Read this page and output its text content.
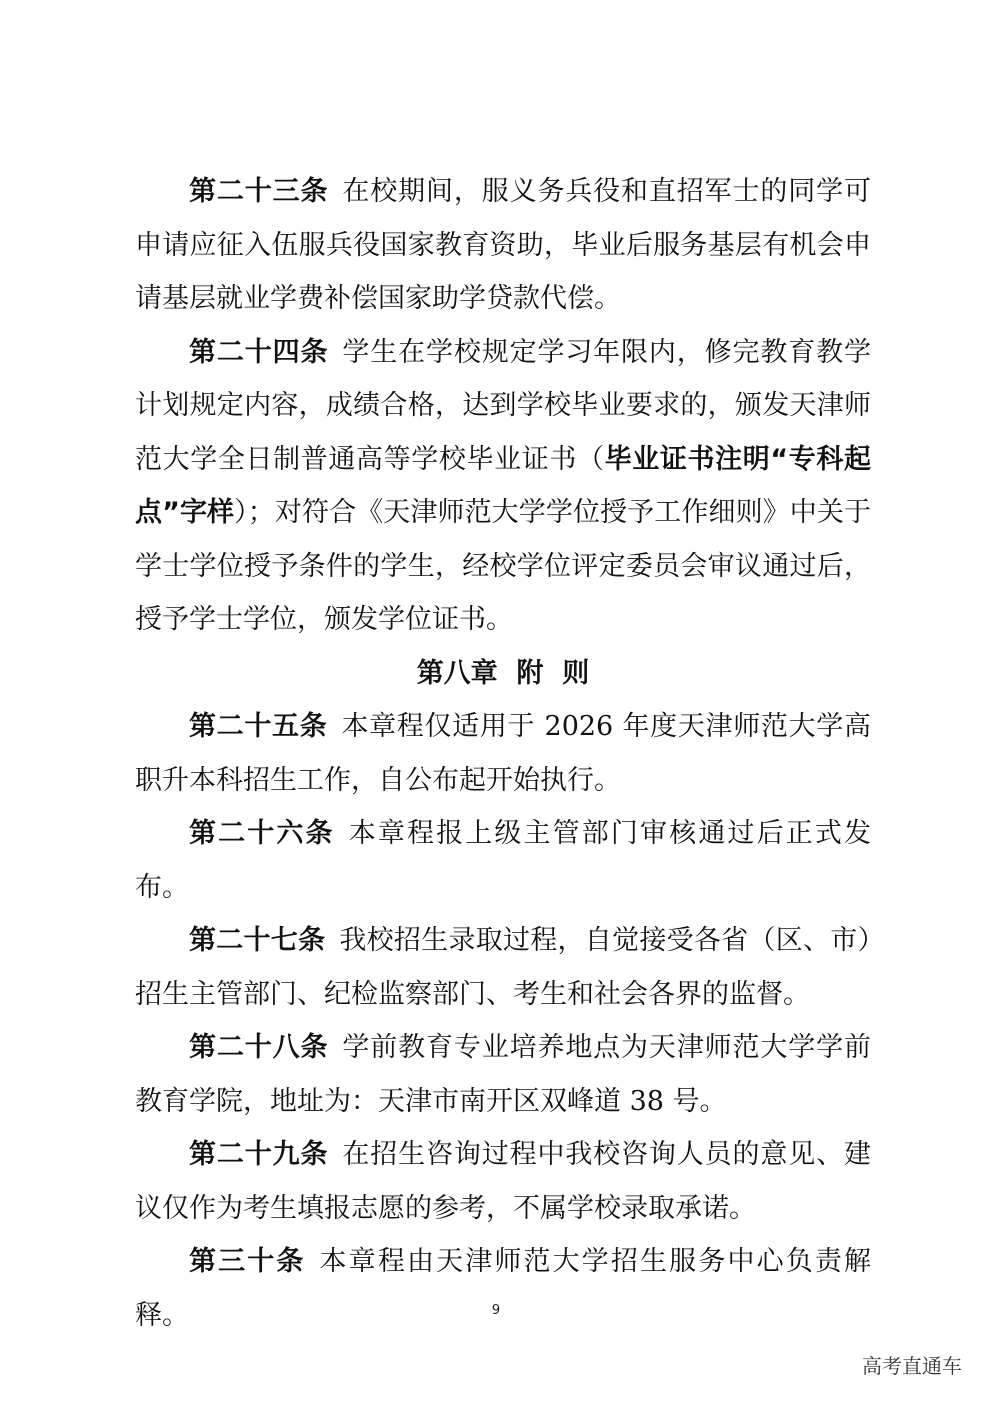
第二十三条 在校期间，服义务兵役和直招军士的同学可申请应征入伍服兵役国家教育资助，毕业后服务基层有机会申请基层就业学费补偿国家助学贷款代偿。

第二十四条 学生在学校规定学习年限内，修完教育教学计划规定内容，成绩合格，达到学校毕业要求的，颁发天津师范大学全日制普通高等学校毕业证书（毕业证书注明“专科起点”字样）；对符合《天津师范大学学位授予工作细则》中关于学士学位授予条件的学生，经校学位评定委员会审议通过后，授予学士学位，颁发学位证书。

第八章  附  则

第二十五条 本章程仅适用于 2026 年度天津师范大学高职升本科招生工作，自公布起开始执行。

第二十六条 本章程报上级主管部门审核通过后正式发布。

第二十七条 我校招生录取过程，自觉接受各省（区、市）招生主管部门、纪检监察部门、考生和社会各界的监督。

第二十八条 学前教育专业培养地点为天津师范大学学前教育学院，地址为：天津市南开区双峰道 38 号。

第二十九条 在招生咨询过程中我校咨询人员的意见、建议仅作为考生填报志愿的参考，不属学校录取承诺。

第三十条 本章程由天津师范大学招生服务中心负责解释。	9
高考直通车
